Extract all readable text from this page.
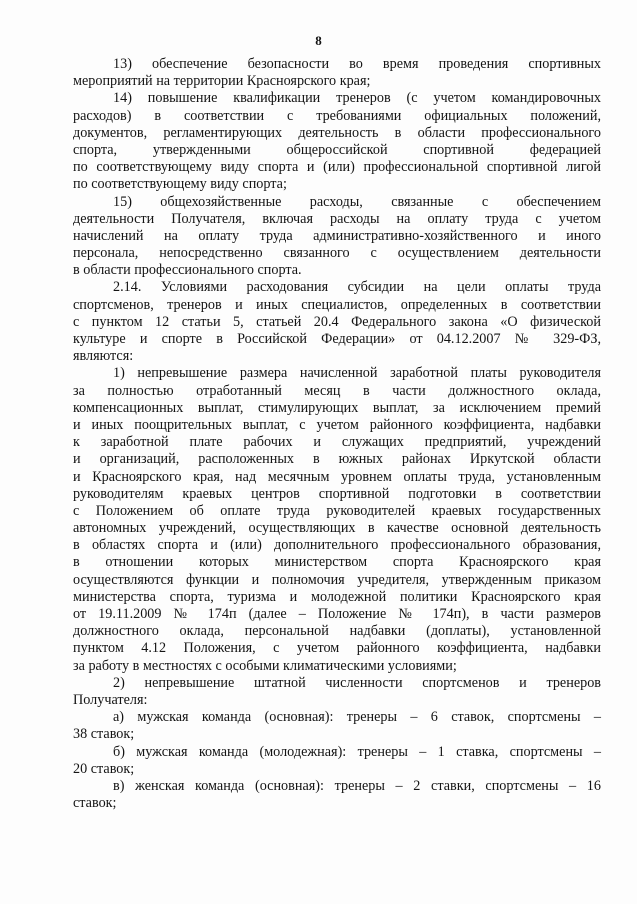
8
13) обеспечение безопасности во время проведения спортивных
мероприятий на территории Красноярского края;
14) повышение квалификации тренеров (с учетом командировочных
расходов) в соответствии с требованиями официальных положений,
документов, регламентирующих деятельность в области профессионального
спорта, утвержденными общероссийской спортивной федерацией
по соответствующему виду спорта и (или) профессиональной спортивной лигой
по соответствующему виду спорта;
15) общехозяйственные расходы, связанные с обеспечением
деятельности Получателя, включая расходы на оплату труда с учетом
начислений на оплату труда административно-хозяйственного и иного
персонала, непосредственно связанного с осуществлением деятельности
в области профессионального спорта.
2.14. Условиями расходования субсидии на цели оплаты труда
спортсменов, тренеров и иных специалистов, определенных в соответствии
с пунктом 12 статьи 5, статьей 20.4 Федерального закона «О физической
культуре и спорте в Российской Федерации» от 04.12.2007 № 329-ФЗ,
являются:
1) непревышение размера начисленной заработной платы руководителя
за полностью отработанный месяц в части должностного оклада,
компенсационных выплат, стимулирующих выплат, за исключением премий
и иных поощрительных выплат, с учетом районного коэффициента, надбавки
к заработной плате рабочих и служащих предприятий, учреждений
и организаций, расположенных в южных районах Иркутской области
и Красноярского края, над месячным уровнем оплаты труда, установленным
руководителям краевых центров спортивной подготовки в соответствии
с Положением об оплате труда руководителей краевых государственных
автономных учреждений, осуществляющих в качестве основной деятельность
в областях спорта и (или) дополнительного профессионального образования,
в отношении которых министерством спорта Красноярского края
осуществляются функции и полномочия учредителя, утвержденным приказом
министерства спорта, туризма и молодежной политики Красноярского края
от 19.11.2009 № 174п (далее – Положение № 174п), в части размеров
должностного оклада, персональной надбавки (доплаты), установленной
пунктом 4.12 Положения, с учетом районного коэффициента, надбавки
за работу в местностях с особыми климатическими условиями;
2) непревышение штатной численности спортсменов и тренеров
Получателя:
а) мужская команда (основная): тренеры – 6 ставок, спортсмены –
38 ставок;
б) мужская команда (молодежная): тренеры – 1 ставка, спортсмены –
20 ставок;
в) женская команда (основная): тренеры – 2 ставки, спортсмены – 16
ставок;
